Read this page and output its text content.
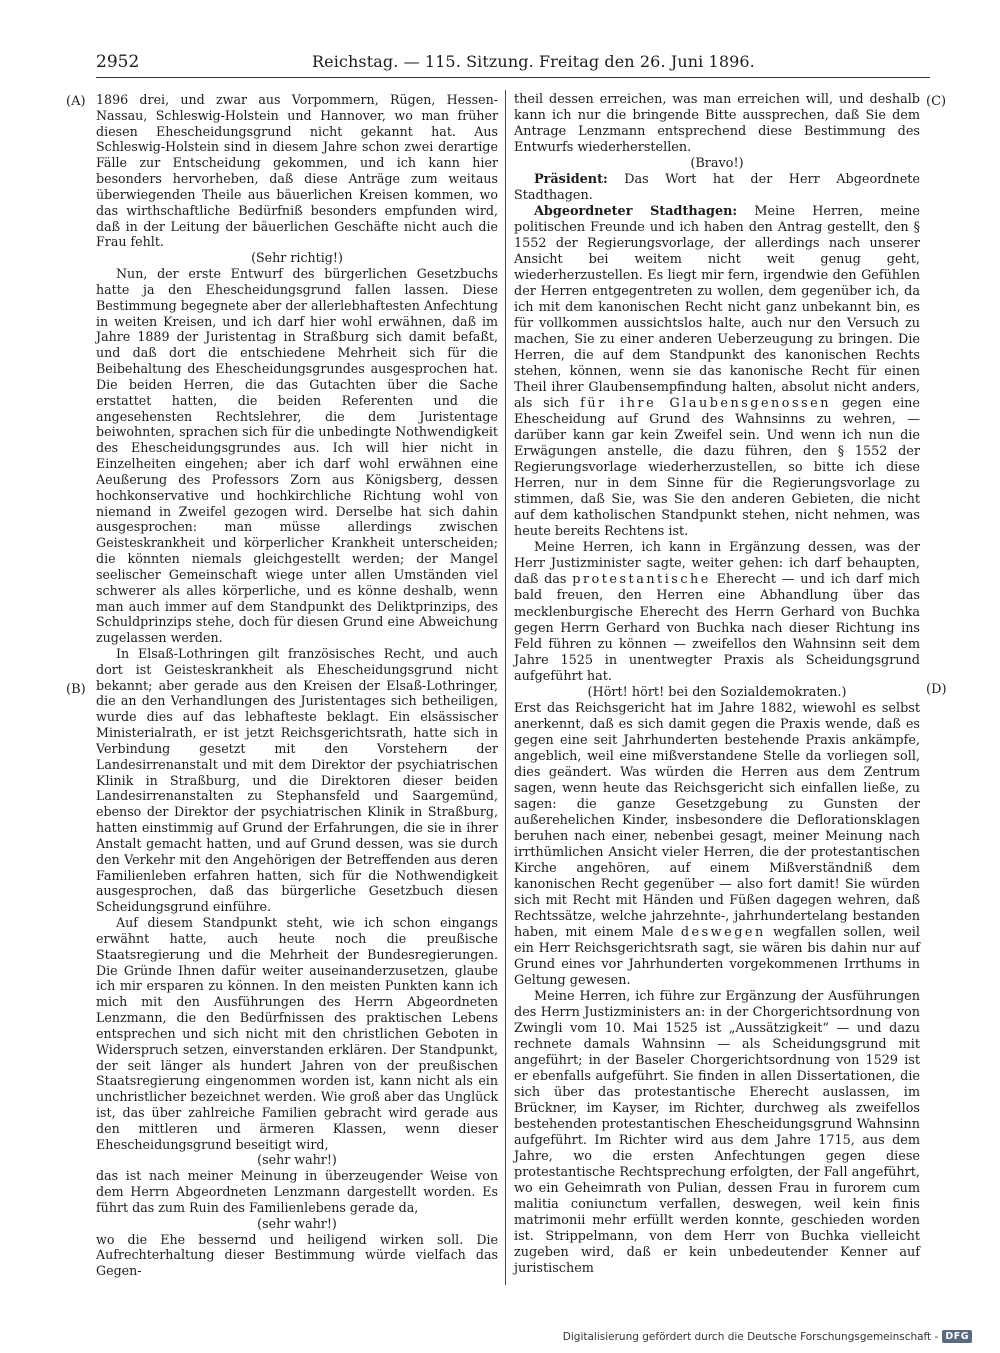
2952	Reichstag. — 115. Sitzung. Freitag den 26. Juni 1896.
(A)
(B)
(C)
(D)

1896 drei, und zwar aus Vorpommern, Rügen, Hessen-Nassau, Schleswig-Holstein und Hannover, wo man früher diesen Ehescheidungsgrund nicht gekannt hat. Aus Schleswig-Holstein sind in diesem Jahre schon zwei derartige Fälle zur Entscheidung gekommen, und ich kann hier besonders hervorheben, daß diese Anträge zum weitaus überwiegenden Theile aus bäuerlichen Kreisen kommen, wo das wirthschaftliche Bedürfniß besonders empfunden wird, daß in der Leitung der bäuerlichen Geschäfte nicht auch die Frau fehlt.

(Sehr richtig!)

Nun, der erste Entwurf des bürgerlichen Gesetzbuchs hatte ja den Ehescheidungsgrund fallen lassen. Diese Bestimmung begegnete aber der allerlebhaftesten Anfechtung in weiten Kreisen, und ich darf hier wohl erwähnen, daß im Jahre 1889 der Juristentag in Straßburg sich damit befaßt, und daß dort die entschiedene Mehrheit sich für die Beibehaltung des Ehescheidungsgrundes ausgesprochen hat. Die beiden Herren, die das Gutachten über die Sache erstattet hatten, die beiden Referenten und die angesehensten Rechtslehrer, die dem Juristentage beiwohnten, sprachen sich für die unbedingte Nothwendigkeit des Ehescheidungsgrundes aus. Ich will hier nicht in Einzelheiten eingehen; aber ich darf wohl erwähnen eine Aeußerung des Professors Zorn aus Königsberg, dessen hochkonservative und hochkirchliche Richtung wohl von niemand in Zweifel gezogen wird. Derselbe hat sich dahin ausgesprochen: man müsse allerdings zwischen Geisteskrankheit und körperlicher Krankheit unterscheiden; die könnten niemals gleichgestellt werden; der Mangel seelischer Gemeinschaft wiege unter allen Umständen viel schwerer als alles körperliche, und es könne deshalb, wenn man auch immer auf dem Standpunkt des Deliktprinzips, des Schuldprinzips stehe, doch für diesen Grund eine Abweichung zugelassen werden.

In Elsaß-Lothringen gilt französisches Recht, und auch dort ist Geisteskrankheit als Ehescheidungsgrund nicht bekannt; aber gerade aus den Kreisen der Elsaß-Lothringer, die an den Verhandlungen des Juristentages sich betheiligen, wurde dies auf das lebhafteste beklagt. Ein elsässischer Ministerialrath, er ist jetzt Reichsgerichtsrath, hatte sich in Verbindung gesetzt mit den Vorstehern der Landesirrenanstalt und mit dem Direktor der psychiatrischen Klinik in Straßburg, und die Direktoren dieser beiden Landesirrenanstalten zu Stephansfeld und Saargemünd, ebenso der Direktor der psychiatrischen Klinik in Straßburg, hatten einstimmig auf Grund der Erfahrungen, die sie in ihrer Anstalt gemacht hatten, und auf Grund dessen, was sie durch den Verkehr mit den Angehörigen der Betreffenden aus deren Familienleben erfahren hatten, sich für die Nothwendigkeit ausgesprochen, daß das bürgerliche Gesetzbuch diesen Scheidungsgrund einführe.

Auf diesem Standpunkt steht, wie ich schon eingangs erwähnt hatte, auch heute noch die preußische Staatsregierung und die Mehrheit der Bundesregierungen. Die Gründe Ihnen dafür weiter auseinanderzusetzen, glaube ich mir ersparen zu können. In den meisten Punkten kann ich mich mit den Ausführungen des Herrn Abgeordneten Lenzmann, die den Bedürfnissen des praktischen Lebens entsprechen und sich nicht mit den christlichen Geboten in Widerspruch setzen, einverstanden erklären. Der Standpunkt, der seit länger als hundert Jahren von der preußischen Staatsregierung eingenommen worden ist, kann nicht als ein unchristlicher bezeichnet werden. Wie groß aber das Unglück ist, das über zahlreiche Familien gebracht wird gerade aus den mittleren und ärmeren Klassen, wenn dieser Ehescheidungsgrund beseitigt wird,

(sehr wahr!)

das ist nach meiner Meinung in überzeugender Weise von dem Herrn Abgeordneten Lenzmann dargestellt worden. Es führt das zum Ruin des Familienlebens gerade da,

(sehr wahr!)

wo die Ehe bessernd und heiligend wirken soll. Die Aufrechterhaltung dieser Bestimmung würde vielfach das Gegen-

theil dessen erreichen, was man erreichen will, und deshalb kann ich nur die bringende Bitte aussprechen, daß Sie dem Antrage Lenzmann entsprechend diese Bestimmung des Entwurfs wiederherstellen.

(Bravo!)

Präsident: Das Wort hat der Herr Abgeordnete Stadthagen.

Abgeordneter Stadthagen: Meine Herren, meine politischen Freunde und ich haben den Antrag gestellt, den § 1552 der Regierungsvorlage, der allerdings nach unserer Ansicht bei weitem nicht weit genug geht, wiederherzustellen. Es liegt mir fern, irgendwie den Gefühlen der Herren entgegentreten zu wollen, dem gegenüber ich, da ich mit dem kanonischen Recht nicht ganz unbekannt bin, es für vollkommen aussichtslos halte, auch nur den Versuch zu machen, Sie zu einer anderen Ueberzeugung zu bringen. Die Herren, die auf dem Standpunkt des kanonischen Rechts stehen, können, wenn sie das kanonische Recht für einen Theil ihrer Glaubensempfindung halten, absolut nicht anders, als sich für ihre Glaubensgenossen gegen eine Ehescheidung auf Grund des Wahnsinns zu wehren, — darüber kann gar kein Zweifel sein. Und wenn ich nun die Erwägungen anstelle, die dazu führen, den § 1552 der Regierungsvorlage wiederherzustellen, so bitte ich diese Herren, nur in dem Sinne für die Regierungsvorlage zu stimmen, daß Sie, was Sie den anderen Gebieten, die nicht auf dem katholischen Standpunkt stehen, nicht nehmen, was heute bereits Rechtens ist.

Meine Herren, ich kann in Ergänzung dessen, was der Herr Justizminister sagte, weiter gehen: ich darf behaupten, daß das protestantische Eherecht — und ich darf mich bald freuen, den Herren eine Abhandlung über das mecklenburgische Eherecht des Herrn Gerhard von Buchka gegen Herrn Gerhard von Buchka nach dieser Richtung ins Feld führen zu können — zweifellos den Wahnsinn seit dem Jahre 1525 in unentwegter Praxis als Scheidungsgrund aufgeführt hat.

(Hört! hört! bei den Sozialdemokraten.)

Erst das Reichsgericht hat im Jahre 1882, wiewohl es selbst anerkennt, daß es sich damit gegen die Praxis wende, daß es gegen eine seit Jahrhunderten bestehende Praxis ankämpfe, angeblich, weil eine mißverstandene Stelle da vorliegen soll, dies geändert. Was würden die Herren aus dem Zentrum sagen, wenn heute das Reichsgericht sich einfallen ließe, zu sagen: die ganze Gesetzgebung zu Gunsten der außerehelichen Kinder, insbesondere die Deflorationsklagen beruhen nach einer, nebenbei gesagt, meiner Meinung nach irrthümlichen Ansicht vieler Herren, die der protestantischen Kirche angehören, auf einem Mißverständniß dem kanonischen Recht gegenüber — also fort damit! Sie würden sich mit Recht mit Händen und Füßen dagegen wehren, daß Rechtssätze, welche jahrzehnte-, jahrhundertelang bestanden haben, mit einem Male deswegen wegfallen sollen, weil ein Herr Reichsgerichtsrath sagt, sie wären bis dahin nur auf Grund eines vor Jahrhunderten vorgekommenen Irrthums in Geltung gewesen.

Meine Herren, ich führe zur Ergänzung der Ausführungen des Herrn Justizministers an: in der Chorgerichtsordnung von Zwingli vom 10. Mai 1525 ist „Aussätzigkeit“ — und dazu rechnete damals Wahnsinn — als Scheidungsgrund mit angeführt; in der Baseler Chorgerichtsordnung von 1529 ist er ebenfalls aufgeführt. Sie finden in allen Dissertationen, die sich über das protestantische Eherecht auslassen, im Brückner, im Kayser, im Richter, durchweg als zweifellos bestehenden protestantischen Ehescheidungsgrund Wahnsinn aufgeführt. Im Richter wird aus dem Jahre 1715, aus dem Jahre, wo die ersten Anfechtungen gegen diese protestantische Rechtsprechung erfolgten, der Fall angeführt, wo ein Geheimrath von Pulian, dessen Frau in furorem cum malitia coniunctum verfallen, deswegen, weil kein finis matrimonii mehr erfüllt werden konnte, geschieden worden ist. Strippelmann, von dem Herr von Buchka vielleicht zugeben wird, daß er kein unbedeutender Kenner auf juristischem

Digitalisierung gefördert durch die Deutsche Forschungsgemeinschaft - DFG
